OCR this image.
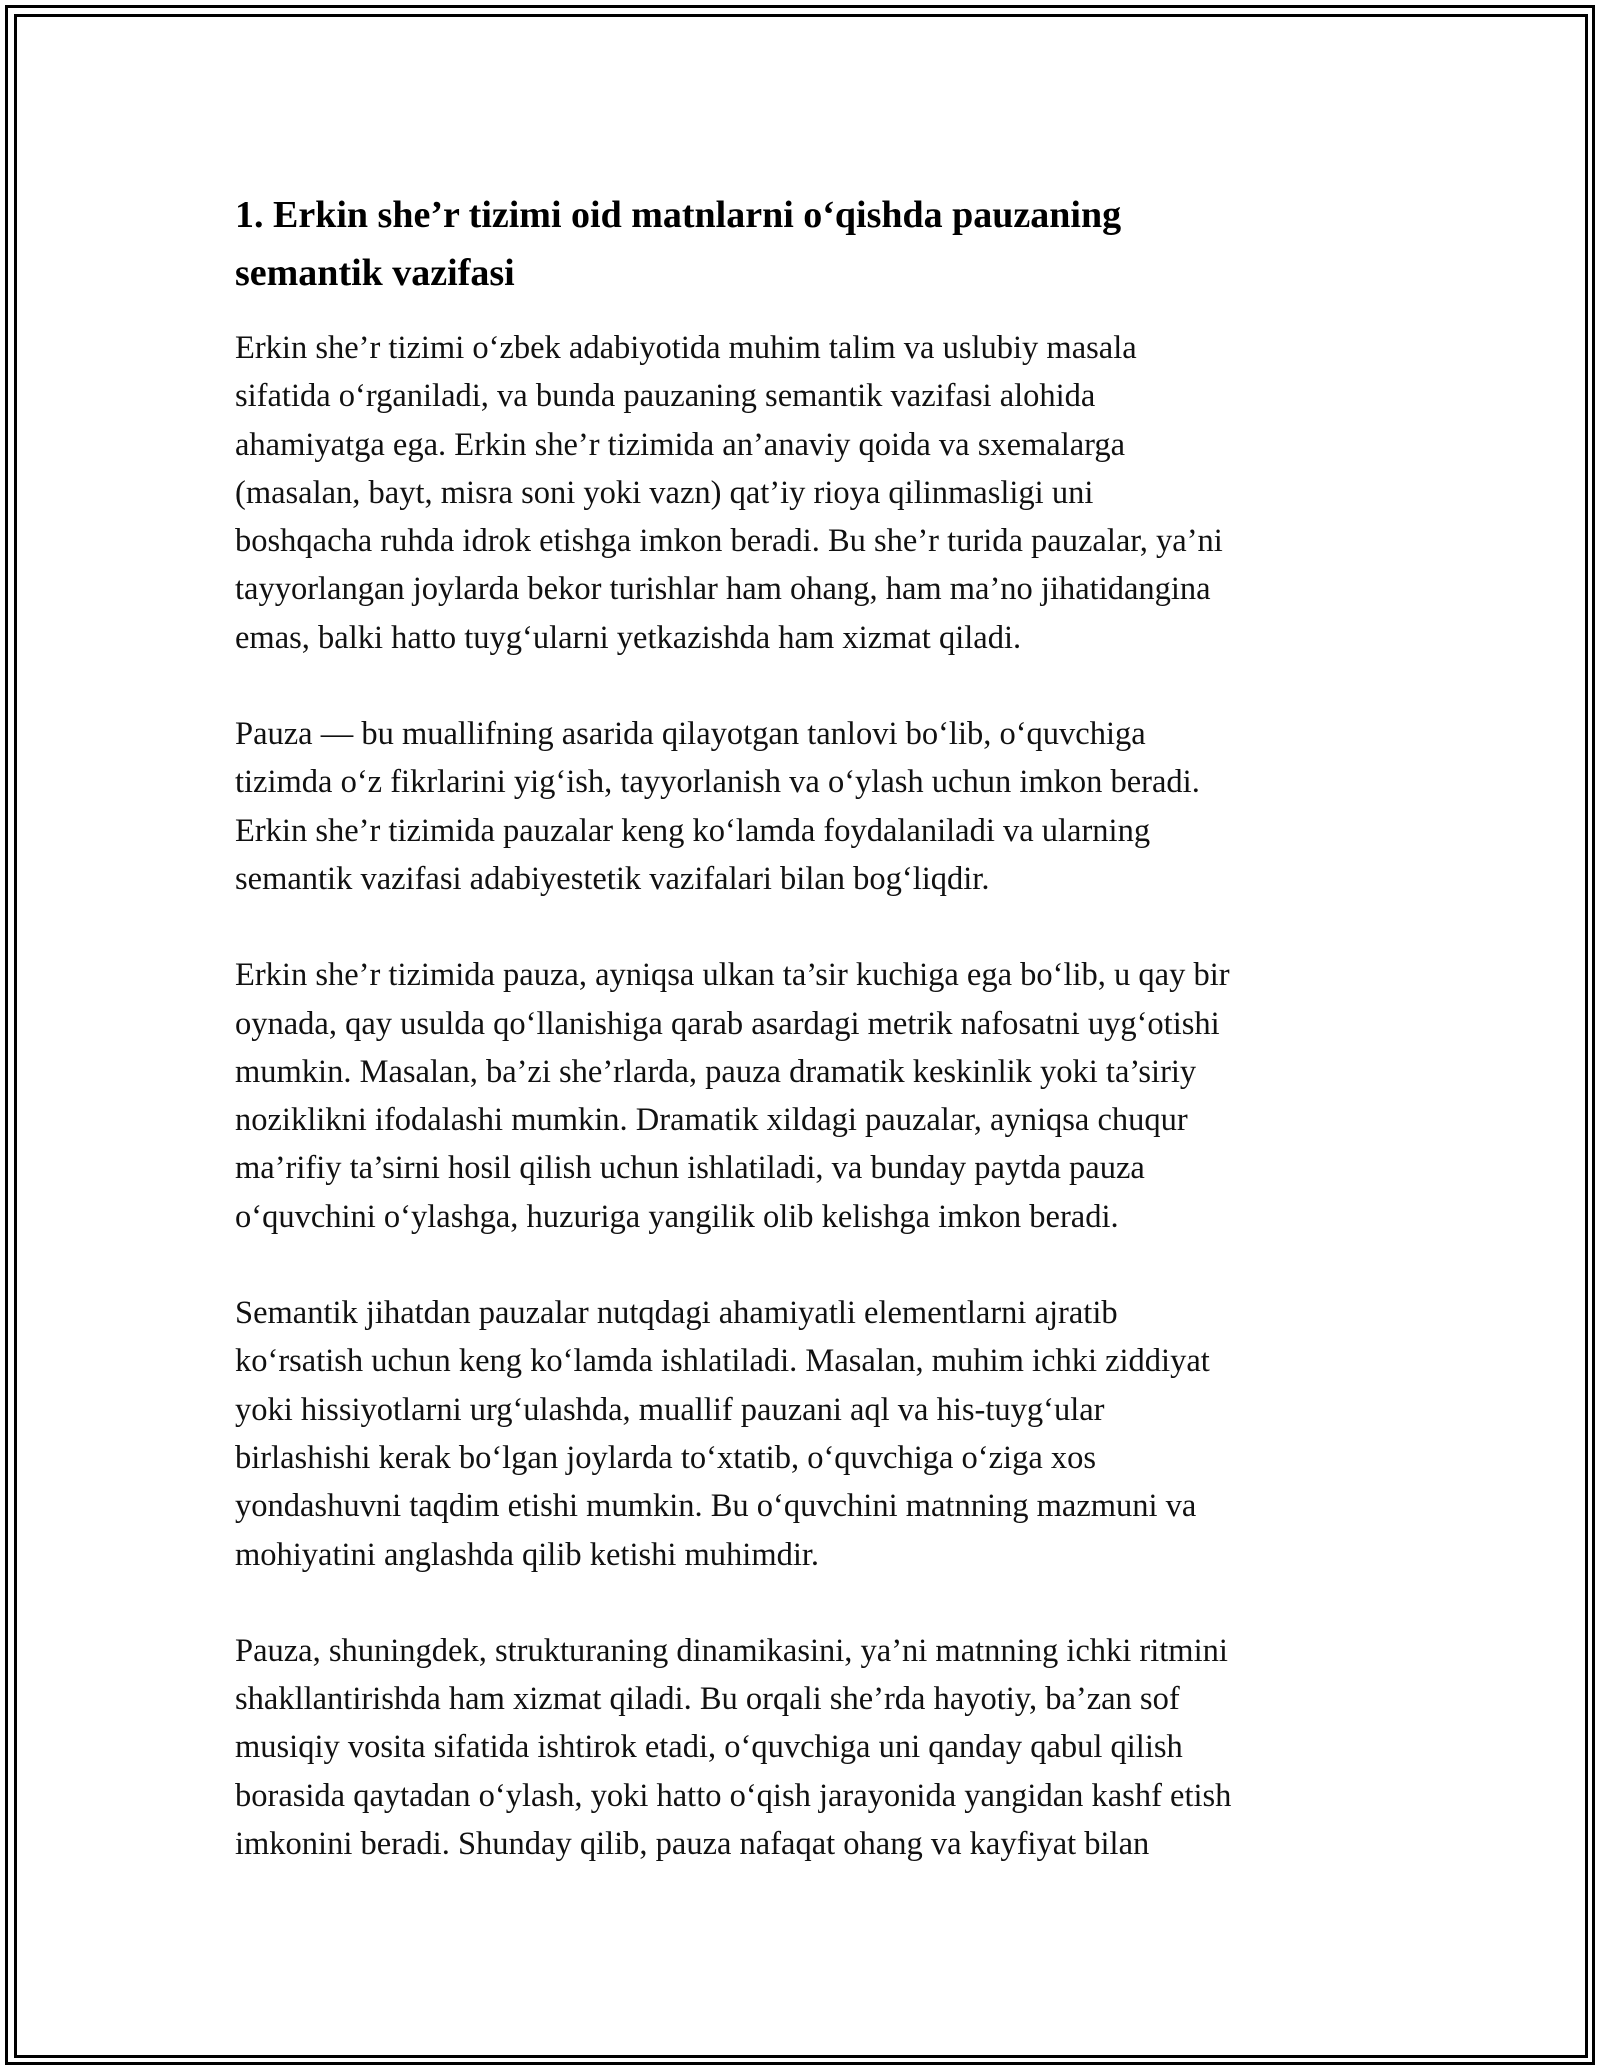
1. Erkin she’r tizimi oid matnlarni o‘qishda pauzaning
semantik vazifasi

Erkin she’r tizimi o‘zbek adabiyotida muhim talim va uslubiy masala
sifatida o‘rganiladi, va bunda pauzaning semantik vazifasi alohida
ahamiyatga ega. Erkin she’r tizimida an’anaviy qoida va sxemalarga
(masalan, bayt, misra soni yoki vazn) qat’iy rioya qilinmasligi uni
boshqacha ruhda idrok etishga imkon beradi. Bu she’r turida pauzalar, ya’ni
tayyorlangan joylarda bekor turishlar ham ohang, ham ma’no jihatidangina
emas, balki hatto tuyg‘ularni yetkazishda ham xizmat qiladi.

Pauza — bu muallifning asarida qilayotgan tanlovi bo‘lib, o‘quvchiga
tizimda o‘z fikrlarini yig‘ish, tayyorlanish va o‘ylash uchun imkon beradi.
Erkin she’r tizimida pauzalar keng ko‘lamda foydalaniladi va ularning
semantik vazifasi adabiyestetik vazifalari bilan bog‘liqdir.

Erkin she’r tizimida pauza, ayniqsa ulkan ta’sir kuchiga ega bo‘lib, u qay bir
oynada, qay usulda qo‘llanishiga qarab asardagi metrik nafosatni uyg‘otishi
mumkin. Masalan, ba’zi she’rlarda, pauza dramatik keskinlik yoki ta’siriy
noziklikni ifodalashi mumkin. Dramatik xildagi pauzalar, ayniqsa chuqur
ma’rifiy ta’sirni hosil qilish uchun ishlatiladi, va bunday paytda pauza
o‘quvchini o‘ylashga, huzuriga yangilik olib kelishga imkon beradi.

Semantik jihatdan pauzalar nutqdagi ahamiyatli elementlarni ajratib
ko‘rsatish uchun keng ko‘lamda ishlatiladi. Masalan, muhim ichki ziddiyat
yoki hissiyotlarni urg‘ulashda, muallif pauzani aql va his-tuyg‘ular
birlashishi kerak bo‘lgan joylarda to‘xtatib, o‘quvchiga o‘ziga xos
yondashuvni taqdim etishi mumkin. Bu o‘quvchini matnning mazmuni va
mohiyatini anglashda qilib ketishi muhimdir.

Pauza, shuningdek, strukturaning dinamikasini, ya’ni matnning ichki ritmini
shakllantirishda ham xizmat qiladi. Bu orqali she’rda hayotiy, ba’zan sof
musiqiy vosita sifatida ishtirok etadi, o‘quvchiga uni qanday qabul qilish
borasida qaytadan o‘ylash, yoki hatto o‘qish jarayonida yangidan kashf etish
imkonini beradi. Shunday qilib, pauza nafaqat ohang va kayfiyat bilan
